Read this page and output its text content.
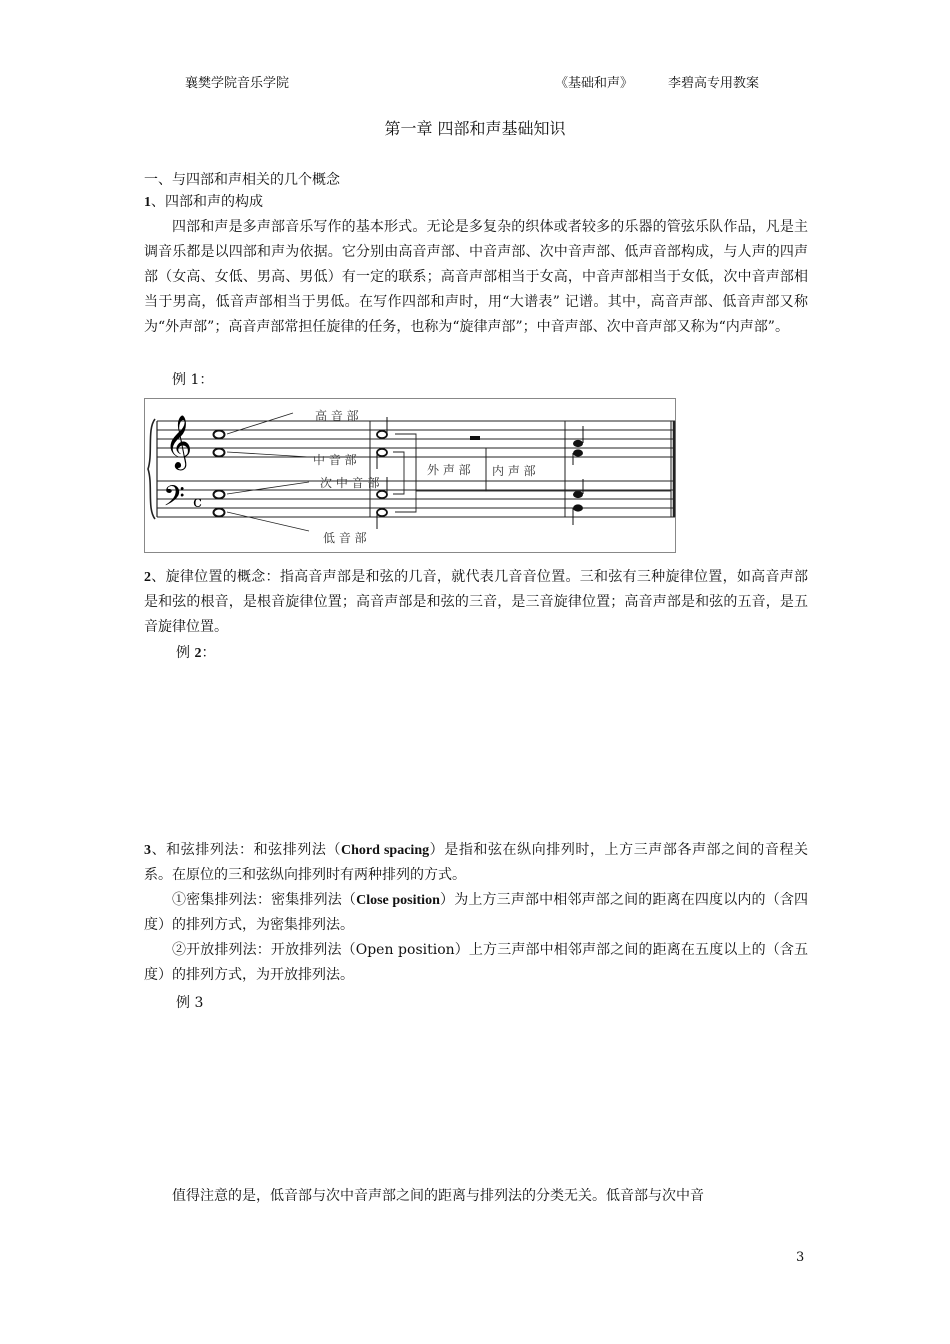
襄樊学院音乐学院	《基础和声》	李碧高专用教案
第一章 四部和声基础知识
一、与四部和声相关的几个概念
1、四部和声的构成
四部和声是多声部音乐写作的基本形式。无论是多复杂的织体或者较多的乐器的管弦乐队作品，凡是主调音乐都是以四部和声为依据。它分别由高音声部、中音声部、次中音声部、低声音部构成，与人声的四声部（女高、女低、男高、男低）有一定的联系；高音声部相当于女高，中音声部相当于女低，次中音声部相当于男高，低音声部相当于男低。在写作四部和声时，用“大谱表” 记谱。其中，高音声部、低音声部又称为“外声部”；高音声部常担任旋律的任务，也称为“旋律声部”；中音声部、次中音声部又称为“内声部”。
例 1：
𝄞
𝄢 c
高 音 部
中 音 部
次 中 音 部
低 音 部
外 声 部 内 声 部
2、旋律位置的概念：指高音声部是和弦的几音，就代表几音音位置。三和弦有三种旋律位置，如高音声部是和弦的根音，是根音旋律位置；高音声部是和弦的三音，是三音旋律位置；高音声部是和弦的五音，是五音旋律位置。
例 2：
3、和弦排列法：和弦排列法（Chord spacing）是指和弦在纵向排列时，上方三声部各声部之间的音程关系。在原位的三和弦纵向排列时有两种排列的方式。
①密集排列法：密集排列法（Close position）为上方三声部中相邻声部之间的距离在四度以内的（含四度）的排列方式，为密集排列法。
②开放排列法：开放排列法（Open position）上方三声部中相邻声部之间的距离在五度以上的（含五度）的排列方式，为开放排列法。
例 3
值得注意的是，低音部与次中音声部之间的距离与排列法的分类无关。低音部与次中音
3
